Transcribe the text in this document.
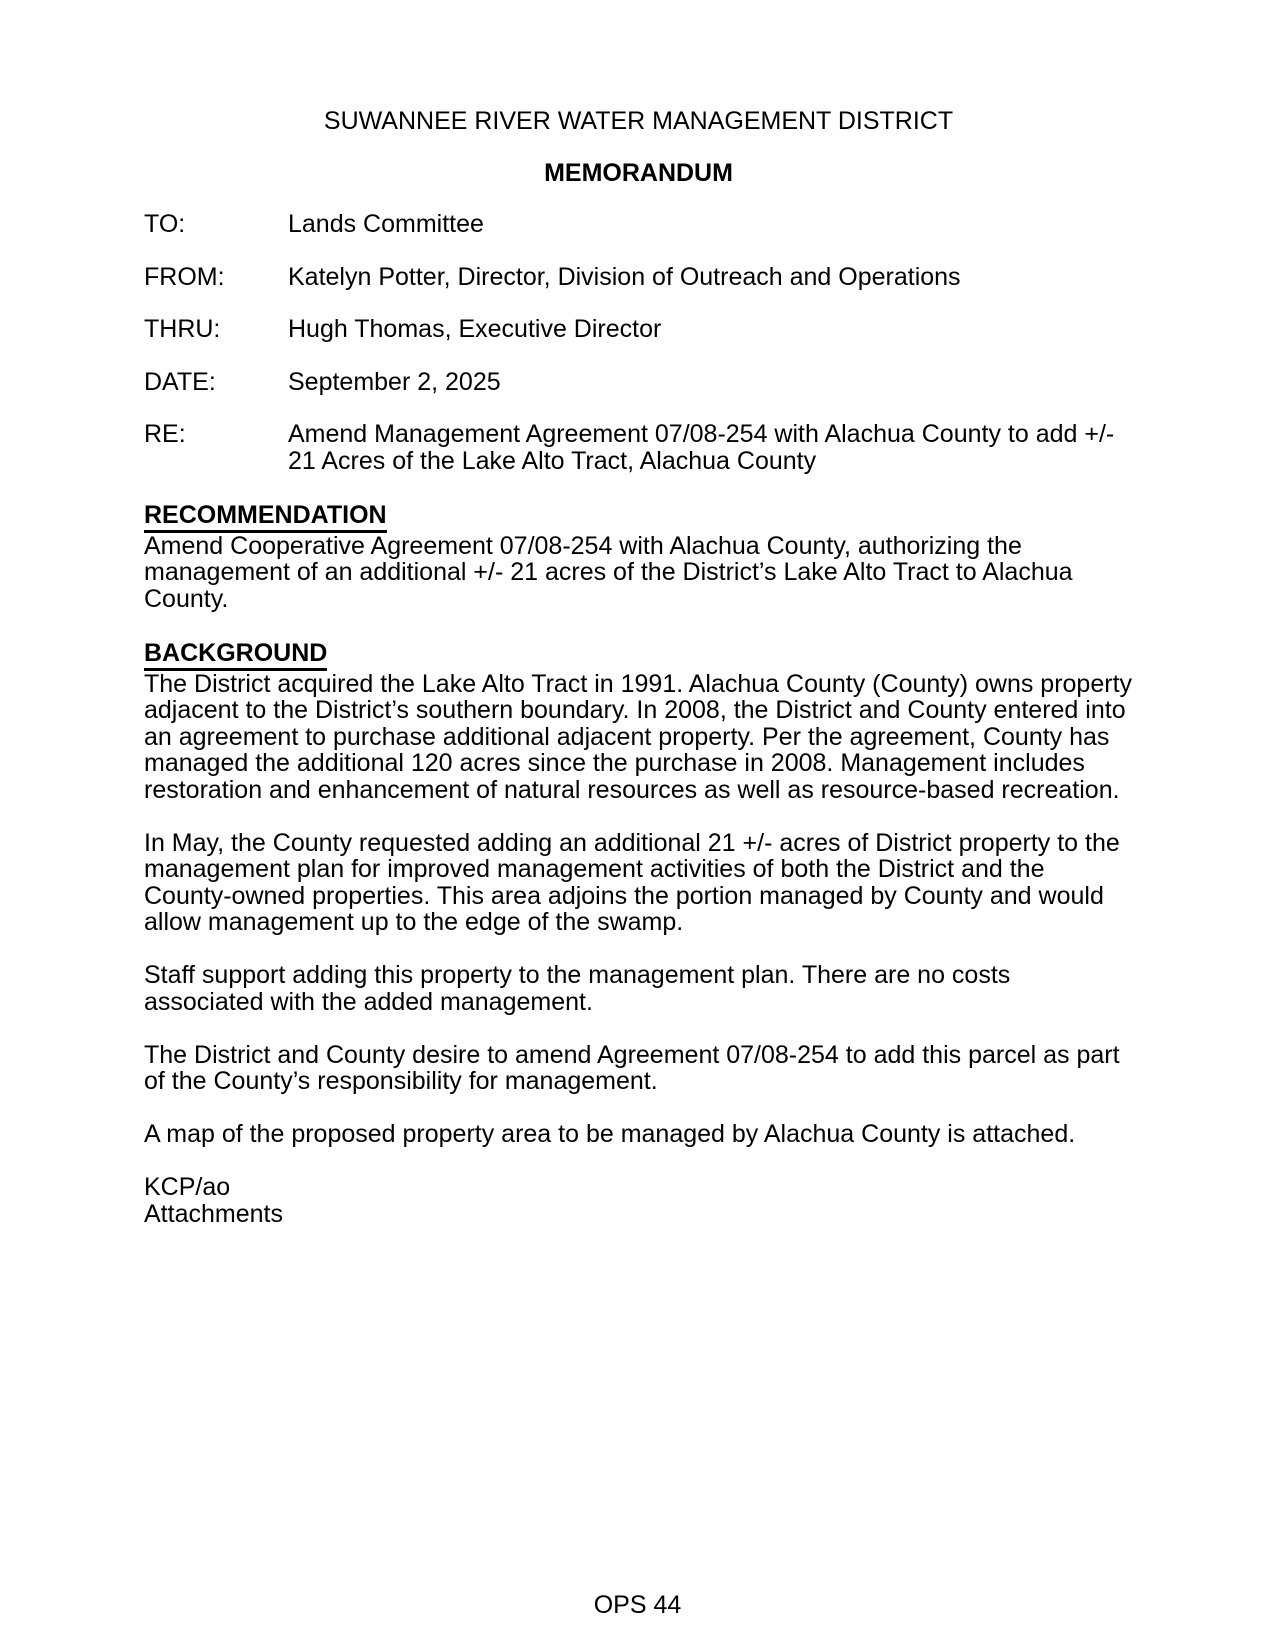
SUWANNEE RIVER WATER MANAGEMENT DISTRICT
MEMORANDUM
TO:	Lands Committee
FROM:	Katelyn Potter, Director, Division of Outreach and Operations
THRU:	Hugh Thomas, Executive Director
DATE:	September 2, 2025
RE:	Amend Management Agreement 07/08-254 with Alachua County to add +/- 21 Acres of the Lake Alto Tract, Alachua County
RECOMMENDATION

Amend Cooperative Agreement 07/08-254 with Alachua County, authorizing the management of an additional +/- 21 acres of the District’s Lake Alto Tract to Alachua County.

BACKGROUND

The District acquired the Lake Alto Tract in 1991. Alachua County (County) owns property adjacent to the District’s southern boundary. In 2008, the District and County entered into an agreement to purchase additional adjacent property. Per the agreement, County has managed the additional 120 acres since the purchase in 2008. Management includes restoration and enhancement of natural resources as well as resource-based recreation.

In May, the County requested adding an additional 21 +/- acres of District property to the management plan for improved management activities of both the District and the County-owned properties. This area adjoins the portion managed by County and would allow management up to the edge of the swamp.

Staff support adding this property to the management plan. There are no costs associated with the added management.

The District and County desire to amend Agreement 07/08-254 to add this parcel as part of the County’s responsibility for management.

A map of the proposed property area to be managed by Alachua County is attached.

KCP/ao
Attachments
OPS 44
